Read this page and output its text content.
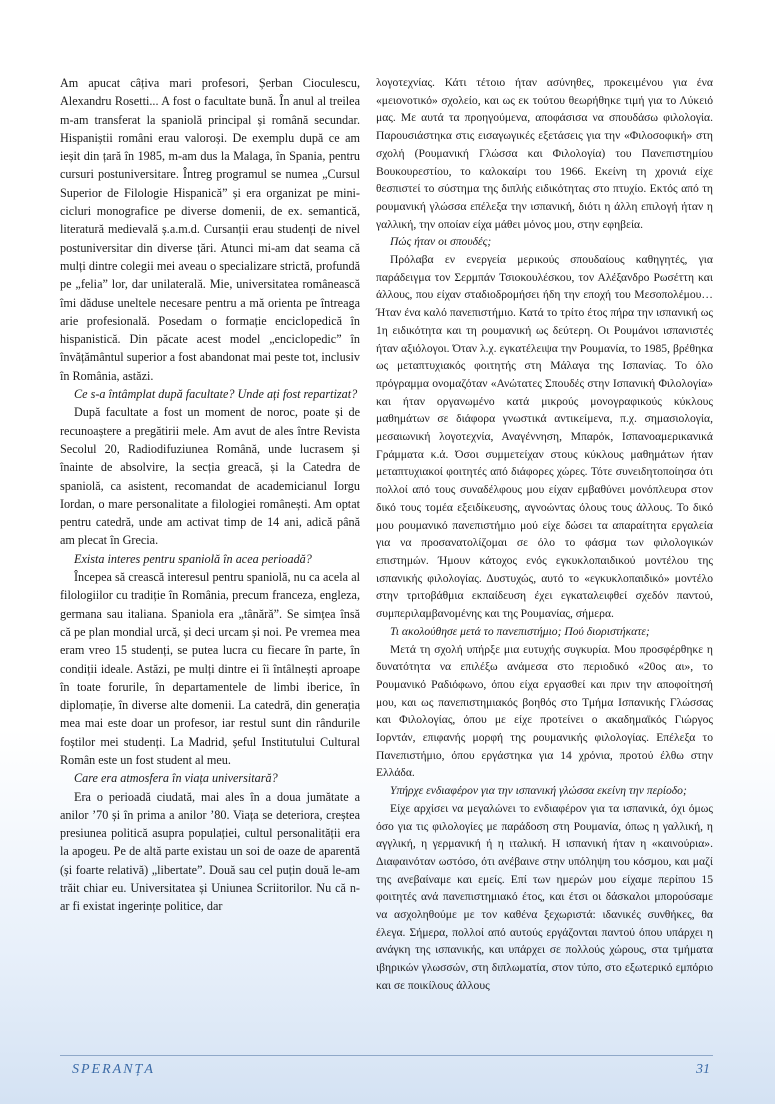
Am apucat câțiva mari profesori, Șerban Cioculescu, Alexandru Rosetti... A fost o facultate bună. În anul al treilea m-am transferat la spaniolă principal și română secundar. Hispaniștii români erau valoroși. De exemplu după ce am ieșit din țară în 1985, m-am dus la Malaga, în Spania, pentru cursuri postuniversitare. Întreg programul se numea „Cursul Superior de Filologie Hispanică” și era organizat pe mini-cicluri monografice pe diverse domenii, de ex. semantică, literatură medievală ș.a.m.d. Cursanții erau studenți de nivel postuniversitar din diverse țări. Atunci mi-am dat seama că mulți dintre colegii mei aveau o specializare strictă, profundă pe „felia” lor, dar unilaterală. Mie, universitatea românească îmi dăduse uneltele necesare pentru a mă orienta pe întreaga arie profesională. Posedam o formație enciclopedică în hispanistică. Din păcate acest model „enciclopedic” în învățământul superior a fost abandonat mai peste tot, inclusiv în România, astăzi.

Ce s-a întâmplat după facultate? Unde ați fost repartizat?

După facultate a fost un moment de noroc, poate și de recunoaștere a pregătirii mele. Am avut de ales între Revista Secolul 20, Radiodifuziunea Română, unde lucrasem și înainte de absolvire, la secția greacă, și la Catedra de spaniolă, ca asistent, recomandat de academicianul Iorgu Iordan, o mare personalitate a filologiei românești. Am optat pentru catedră, unde am activat timp de 14 ani, adică până am plecat în Grecia.

Exista interes pentru spaniolă în acea perioadă?

Începea să crească interesul pentru spaniolă, nu ca acela al filologiilor cu tradiție în România, precum franceza, engleza, germana sau italiana. Spaniola era „tânără”. Se simțea însă că pe plan mondial urcă, și deci urcam și noi. Pe vremea mea eram vreo 15 studenți, se putea lucra cu fiecare în parte, în condiții ideale. Astăzi, pe mulți dintre ei îi întâlnești aproape în toate forurile, în departamentele de limbi iberice, în diplomație, în diverse alte domenii. La catedră, din generația mea mai este doar un profesor, iar restul sunt din rândurile foștilor mei studenți. La Madrid, șeful Institutului Cultural Român este un fost student al meu.

Care era atmosfera în viața universitară?

Era o perioadă ciudată, mai ales în a doua jumătate a anilor ’70 și în prima a anilor ’80. Viața se deteriora, creștea presiunea politică asupra populației, cultul personalității era la apogeu. Pe de altă parte existau un soi de oaze de aparentă (și foarte relativă) „libertate”. Două sau cel puțin două le-am trăit chiar eu. Universitatea și Uniunea Scriitorilor. Nu că n-ar fi existat ingerințe politice, dar

λογοτεχνίας. Κάτι τέτοιο ήταν ασύνηθες, προκειμένου για ένα «μειονοτικό» σχολείο, και ως εκ τούτου θεωρήθηκε τιμή για το Λύκειό μας. Με αυτά τα προηγούμενα, αποφάσισα να σπουδάσω φιλολογία. Παρουσιάστηκα στις εισαγωγικές εξετάσεις για την «Φιλοσοφική» στη σχολή (Ρουμανική Γλώσσα και Φιλολογία) του Πανεπιστημίου Βουκουρεστίου, το καλοκαίρι του 1966. Εκείνη τη χρονιά είχε θεσπιστεί το σύστημα της διπλής ειδικότητας στο πτυχίο. Εκτός από τη ρουμανική γλώσσα επέλεξα την ισπανική, διότι η άλλη επιλογή ήταν η γαλλική, την οποίαν είχα μάθει μόνος μου, στην εφηβεία.

Πώς ήταν οι σπουδές;

Πρόλαβα εν ενεργεία μερικούς σπουδαίους καθηγητές, για παράδειγμα τον Σερμπάν Τσιοκουλέσκου, τον Αλέξανδρο Ρωσέττη και άλλους, που είχαν σταδιοδρομήσει ήδη την εποχή του Μεσοπολέμου…Ήταν ένα καλό πανεπιστήμιο. Κατά το τρίτο έτος πήρα την ισπανική ως 1η ειδικότητα και τη ρουμανική ως δεύτερη. Οι Ρουμάνοι ισπανιστές ήταν αξιόλογοι. Όταν λ.χ. εγκατέλειψα την Ρουμανία, το 1985, βρέθηκα ως μεταπτυχιακός φοιτητής στη Μάλαγα της Ισπανίας. Το όλο πρόγραμμα ονομαζόταν «Ανώτατες Σπουδές στην Ισπανική Φιλολογία» και ήταν οργανωμένο κατά μικρούς μονογραφικούς κύκλους μαθημάτων σε διάφορα γνωστικά αντικείμενα, π.χ. σημασιολογία, μεσαιωνική λογοτεχνία, Αναγέννηση, Μπαρόκ, Ισπανοαμερικανικά Γράμματα κ.ά. Όσοι συμμετείχαν στους κύκλους μαθημάτων ήταν μεταπτυχιακοί φοιτητές από διάφορες χώρες. Τότε συνειδητοποίησα ότι πολλοί από τους συναδέλφους μου είχαν εμβαθύνει μονόπλευρα στον δικό τους τομέα εξειδίκευσης, αγνοώντας όλους τους άλλους. Το δικό μου ρουμανικό πανεπιστήμιο μού είχε δώσει τα απαραίτητα εργαλεία για να προσανατολίζομαι σε όλο το φάσμα των φιλολογικών επιστημών. Ήμουν κάτοχος ενός εγκυκλοπαιδικού μοντέλου της ισπανικής φιλολογίας. Δυστυχώς, αυτό το «εγκυκλοπαιδικό» μοντέλο στην τριτοβάθμια εκπαίδευση έχει εγκαταλειφθεί σχεδόν παντού, συμπεριλαμβανομένης και της Ρουμανίας, σήμερα.

Τι ακολούθησε μετά το πανεπιστήμιο; Πού διοριστήκατε;

Μετά τη σχολή υπήρξε μια ευτυχής συγκυρία. Μου προσφέρθηκε η δυνατότητα να επιλέξω ανάμεσα στο περιοδικό «20ος αι», το Ρουμανικό Ραδιόφωνο, όπου είχα εργασθεί και πριν την αποφοίτησή μου, και ως πανεπιστημιακός βοηθός στο Τμήμα Ισπανικής Γλώσσας και Φιλολογίας, όπου με είχε προτείνει ο ακαδημαϊκός Γιώργος Ιορντάν, επιφανής μορφή της ρουμανικής φιλολογίας. Επέλεξα το Πανεπιστήμιο, όπου εργάστηκα για 14 χρόνια, προτού έλθω στην Ελλάδα.

Υπήρχε ενδιαφέρον για την ισπανική γλώσσα εκείνη την περίοδο;

Είχε αρχίσει να μεγαλώνει το ενδιαφέρον για τα ισπανικά, όχι όμως όσο για τις φιλολογίες με παράδοση στη Ρουμανία, όπως η γαλλική, η αγγλική, η γερμανική ή η ιταλική. Η ισπανική ήταν η «καινούρια». Διαφαινόταν ωστόσο, ότι ανέβαινε στην υπόληψη του κόσμου, και μαζί της ανεβαίναμε και εμείς. Επί των ημερών μου είχαμε περίπου 15 φοιτητές ανά πανεπιστημιακό έτος, και έτσι οι δάσκαλοι μπορούσαμε να ασχοληθούμε με τον καθένα ξεχωριστά: ιδανικές συνθήκες, θα έλεγα. Σήμερα, πολλοί από αυτούς εργάζονται παντού όπου υπάρχει η ανάγκη της ισπανικής, και υπάρχει σε πολλούς χώρους, στα τμήματα ιβηρικών γλωσσών, στη διπλωματία, στον τύπο, στο εξωτερικό εμπόριο και σε ποικίλους άλλους

SPERANȚA	31
